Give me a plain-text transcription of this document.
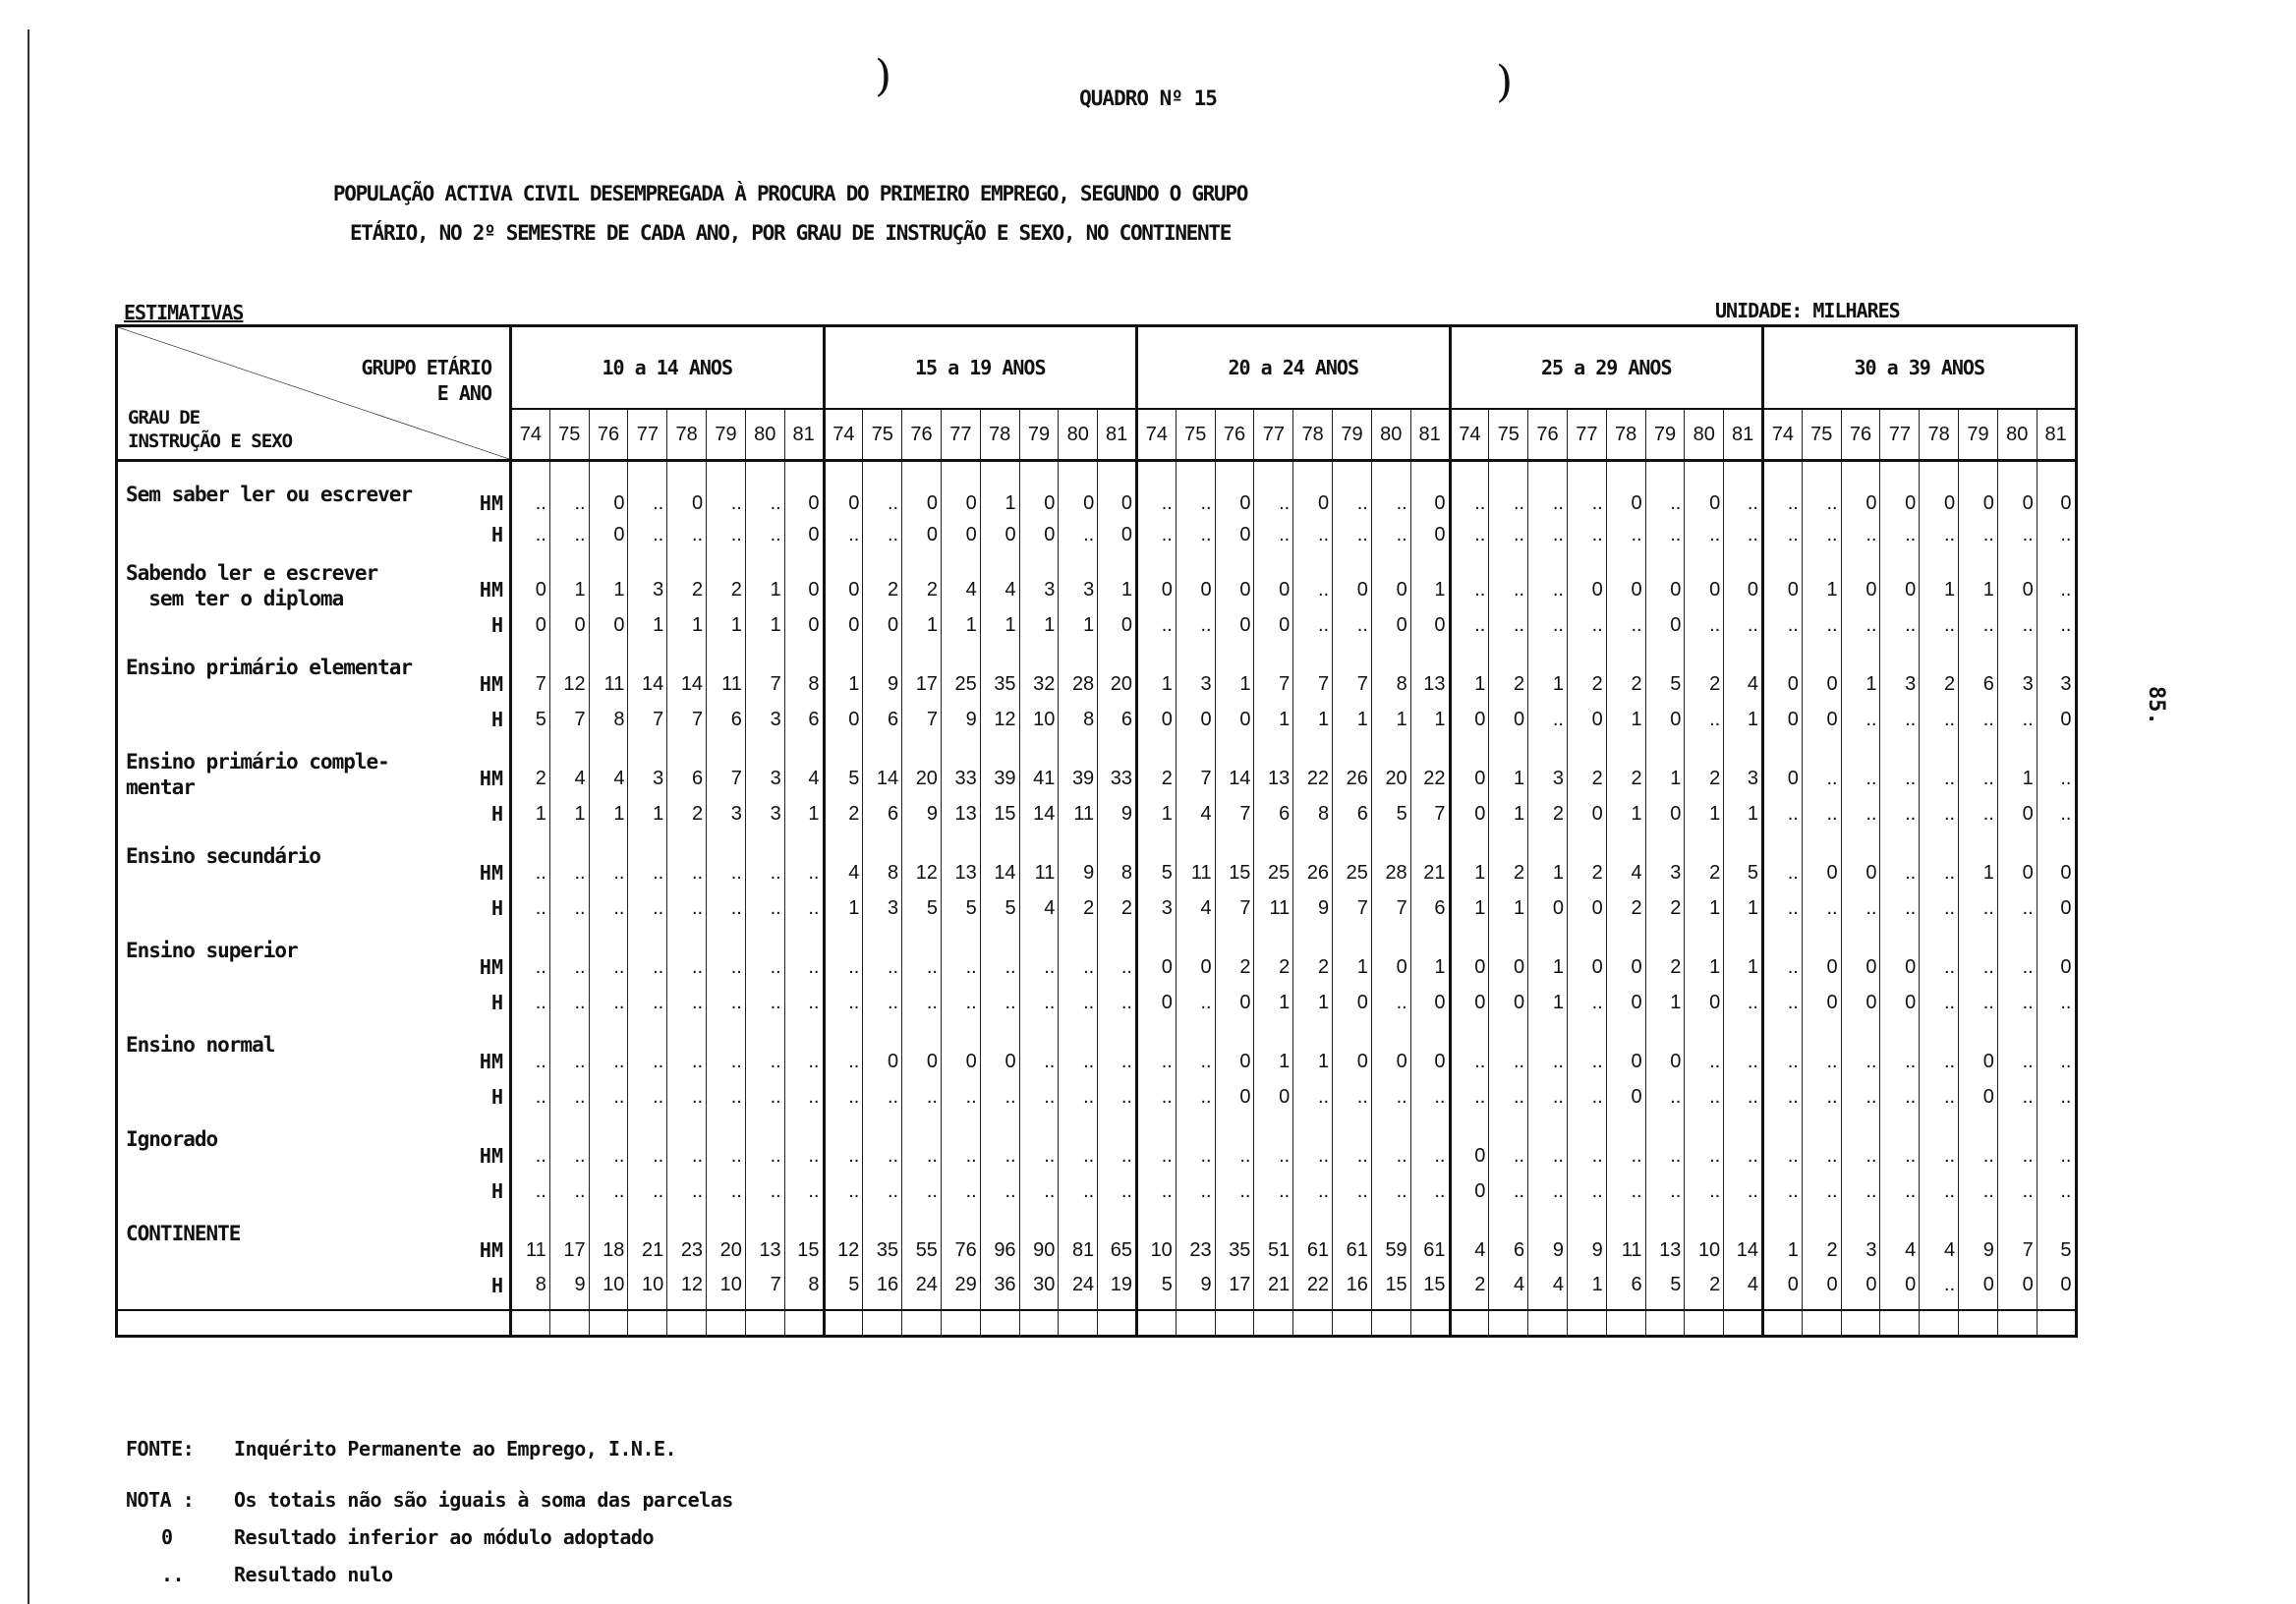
)	)
QUADRO Nº 15
POPULAÇÃO ACTIVA CIVIL DESEMPREGADA À PROCURA DO PRIMEIRO EMPREGO, SEGUNDO O GRUPO
ETÁRIO, NO 2º SEMESTRE DE CADA ANO, POR GRAU DE INSTRUÇÃO E SEXO, NO CONTINENTE
ESTIMATIVAS	UNIDADE: MILHARES
85.
GRUPO ETÁRIO
E ANO
GRAU DE
INSTRUÇÃO E SEXO		10 a 14 ANOS								15 a 19 ANOS								20 a 24 ANOS								25 a 29 ANOS								30 a 39 ANOS							
		74	75	76	77	78	79	80	81	74	75	76	77	78	79	80	81	74	75	76	77	78	79	80	81	74	75	76	77	78	79	80	81	74	75	76	77	78	79	80	81

Sem saber ler ou escrever	HM	..	..	0	..	0	..	..	0	0	..	0	0	1	0	0	0	..	..	0	..	0	..	..	0	..	..	..	..	0	..	0	..	..	..	0	0	0	0	0	0
	H	..	..	0	..	..	..	..	0	..	..	0	0	0	0	..	0	..	..	0	..	..	..	..	0	..	..	..	..	..	..	..	..	..	..	..	..	..	..	..	..
Sabendo ler e escrever
sem ter o diploma	HM	0	1	1	3	2	2	1	0	0	2	2	4	4	3	3	1	0	0	0	0	..	0	0	1	..	..	..	0	0	0	0	0	0	1	0	0	1	1	0	..
	H	0	0	0	1	1	1	1	0	0	0	1	1	1	1	1	0	..	..	0	0	..	..	0	0	..	..	..	..	..	0	..	..	..	..	..	..	..	..	..	..
Ensino primário elementar	HM	7	12	11	14	14	11	7	8	1	9	17	25	35	32	28	20	1	3	1	7	7	7	8	13	1	2	1	2	2	5	2	4	0	0	1	3	2	6	3	3
	H	5	7	8	7	7	6	3	6	0	6	7	9	12	10	8	6	0	0	0	1	1	1	1	1	0	0	..	0	1	0	..	1	0	0	..	..	..	..	..	0
Ensino primário comple-
mentar	HM	2	4	4	3	6	7	3	4	5	14	20	33	39	41	39	33	2	7	14	13	22	26	20	22	0	1	3	2	2	1	2	3	0	..	..	..	..	..	1	..
	H	1	1	1	1	2	3	3	1	2	6	9	13	15	14	11	9	1	4	7	6	8	6	5	7	0	1	2	0	1	0	1	1	..	..	..	..	..	..	0	..
Ensino secundário	HM	..	..	..	..	..	..	..	..	4	8	12	13	14	11	9	8	5	11	15	25	26	25	28	21	1	2	1	2	4	3	2	5	..	0	0	..	..	1	0	0
	H	..	..	..	..	..	..	..	..	1	3	5	5	5	4	2	2	3	4	7	11	9	7	7	6	1	1	0	0	2	2	1	1	..	..	..	..	..	..	..	0
Ensino superior	HM	..	..	..	..	..	..	..	..	..	..	..	..	..	..	..	..	0	0	2	2	2	1	0	1	0	0	1	0	0	2	1	1	..	0	0	0	..	..	..	0
	H	..	..	..	..	..	..	..	..	..	..	..	..	..	..	..	..	0	..	0	1	1	0	..	0	0	0	1	..	0	1	0	..	..	0	0	0	..	..	..	..
Ensino normal	HM	..	..	..	..	..	..	..	..	..	0	0	0	0	..	..	..	..	..	0	1	1	0	0	0	..	..	..	..	0	0	..	..	..	..	..	..	..	0	..	..
	H	..	..	..	..	..	..	..	..	..	..	..	..	..	..	..	..	..	..	0	0	..	..	..	..	..	..	..	..	0	..	..	..	..	..	..	..	..	0	..	..
Ignorado	HM	..	..	..	..	..	..	..	..	..	..	..	..	..	..	..	..	..	..	..	..	..	..	..	..	0	..	..	..	..	..	..	..	..	..	..	..	..	..	..	..
	H	..	..	..	..	..	..	..	..	..	..	..	..	..	..	..	..	..	..	..	..	..	..	..	..	0	..	..	..	..	..	..	..	..	..	..	..	..	..	..	..
CONTINENTE	HM	11	17	18	21	23	20	13	15	12	35	55	76	96	90	81	65	10	23	35	51	61	61	59	61	4	6	9	9	11	13	10	14	1	2	3	4	4	9	7	5
	H	8	9	10	10	12	10	7	8	5	16	24	29	36	30	24	19	5	9	17	21	22	16	15	15	2	4	4	1	6	5	2	4	0	0	0	0	..	0	0	0

FONTE: Inquérito Permanente ao Emprego, I.N.E.
NOTA : Os totais não são iguais à soma das parcelas
0	Resultado inferior ao módulo adoptado
..	Resultado nulo
